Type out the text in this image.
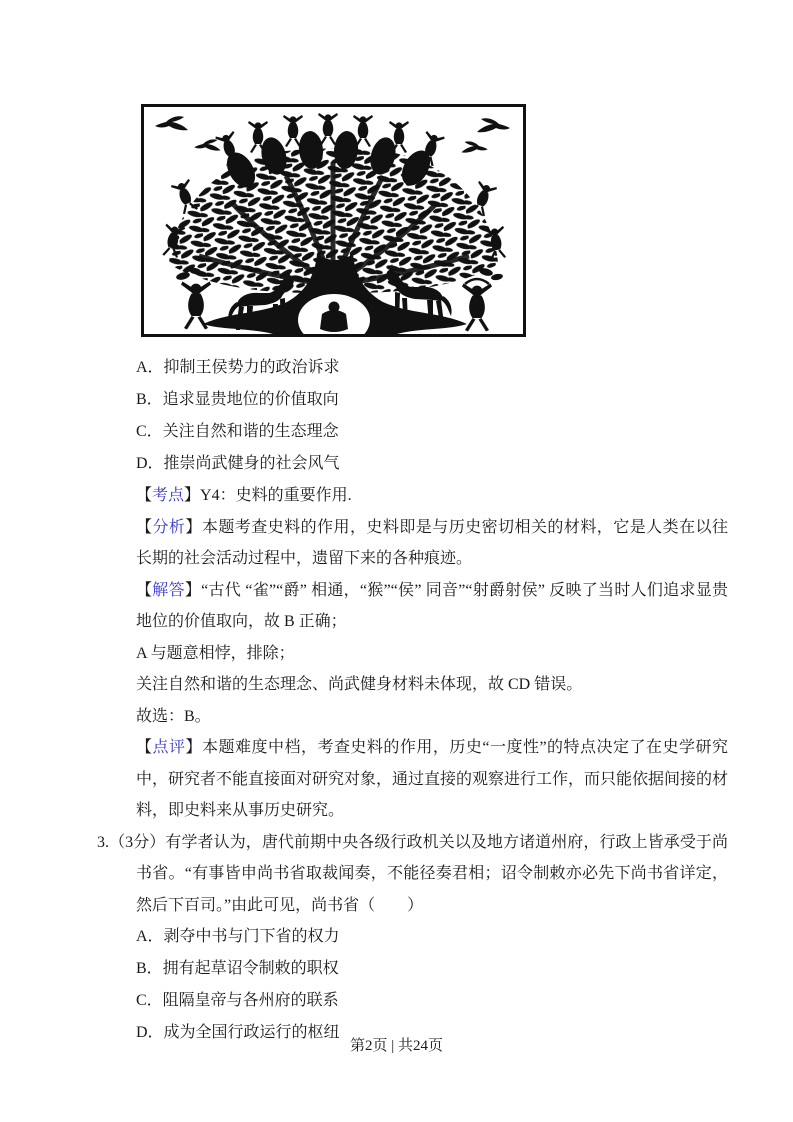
A．抑制王侯势力的政治诉求
B．追求显贵地位的价值取向
C．关注自然和谐的生态理念
D．推崇尚武健身的社会风气

【考点】Y4：史料的重要作用.

【分析】本题考查史料的作用，史料即是与历史密切相关的材料，它是人类在以往长期的社会活动过程中，遗留下来的各种痕迹。

【解答】“古代 “雀”“爵” 相通，“猴”“侯” 同音”“射爵射侯” 反映了当时人们追求显贵地位的价值取向，故 B 正确；

A 与题意相悖，排除；

关注自然和谐的生态理念、尚武健身材料未体现，故 CD 错误。

故选：B。

【点评】本题难度中档，考查史料的作用，历史“一度性”的特点决定了在史学研究中，研究者不能直接面对研究对象，通过直接的观察进行工作，而只能依据间接的材料，即史料来从事历史研究。

3.（3分）有学者认为，唐代前期中央各级行政机关以及地方诸道州府，行政上皆承受于尚书省。“有事皆申尚书省取裁闻奏，不能径奏君相；诏令制敕亦必先下尚书省详定，然后下百司。”由此可见，尚书省（　　）

A．剥夺中书与门下省的权力
B．拥有起草诏令制敕的职权
C．阻隔皇帝与各州府的联系
D．成为全国行政运行的枢纽
第2页 | 共24页
